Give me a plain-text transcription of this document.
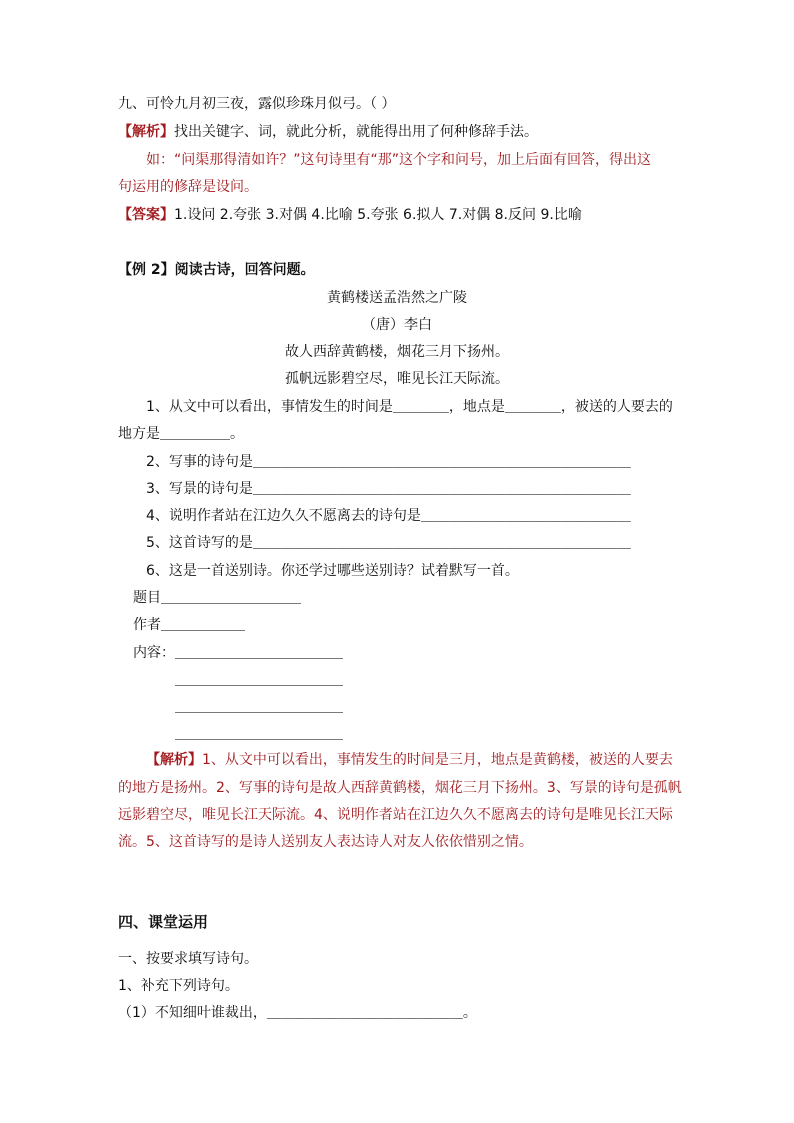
九、可怜九月初三夜，露似珍珠月似弓。（ ）
【解析】找出关键字、词，就此分析，就能得出用了何种修辞手法。
如：“问渠那得清如许？”这句诗里有“那”这个字和问号，加上后面有回答，得出这
句运用的修辞是设问。
【答案】1.设问 2.夸张 3.对偶 4.比喻 5.夸张 6.拟人 7.对偶 8.反问 9.比喻
【例 2】阅读古诗，回答问题。
黄鹤楼送孟浩然之广陵
（唐）李白
故人西辞黄鹤楼，烟花三月下扬州。
孤帆远影碧空尽，唯见长江天际流。
1、从文中可以看出，事情发生的时间是＿＿＿＿，地点是＿＿＿＿，被送的人要去的
地方是＿＿＿＿＿。
2、写事的诗句是＿＿＿＿＿＿＿＿＿＿＿＿＿＿＿＿＿＿＿＿＿＿＿＿＿＿＿
3、写景的诗句是＿＿＿＿＿＿＿＿＿＿＿＿＿＿＿＿＿＿＿＿＿＿＿＿＿＿＿
4、说明作者站在江边久久不愿离去的诗句是＿＿＿＿＿＿＿＿＿＿＿＿＿＿＿
5、这首诗写的是＿＿＿＿＿＿＿＿＿＿＿＿＿＿＿＿＿＿＿＿＿＿＿＿＿＿＿
6、这是一首送别诗。你还学过哪些送别诗？试着默写一首。
题目＿＿＿＿＿＿＿＿＿＿
作者＿＿＿＿＿＿
内容：＿＿＿＿＿＿＿＿＿＿＿＿
＿＿＿＿＿＿＿＿＿＿＿＿
＿＿＿＿＿＿＿＿＿＿＿＿
＿＿＿＿＿＿＿＿＿＿＿＿
【解析】1、从文中可以看出，事情发生的时间是三月，地点是黄鹤楼，被送的人要去
的地方是扬州。2、写事的诗句是故人西辞黄鹤楼，烟花三月下扬州。3、写景的诗句是孤帆
远影碧空尽，唯见长江天际流。4、说明作者站在江边久久不愿离去的诗句是唯见长江天际
流。5、这首诗写的是诗人送别友人表达诗人对友人依依惜别之情。
四、课堂运用
一、按要求填写诗句。
1、补充下列诗句。
（1）不知细叶谁裁出，＿＿＿＿＿＿＿＿＿＿＿＿＿＿。
